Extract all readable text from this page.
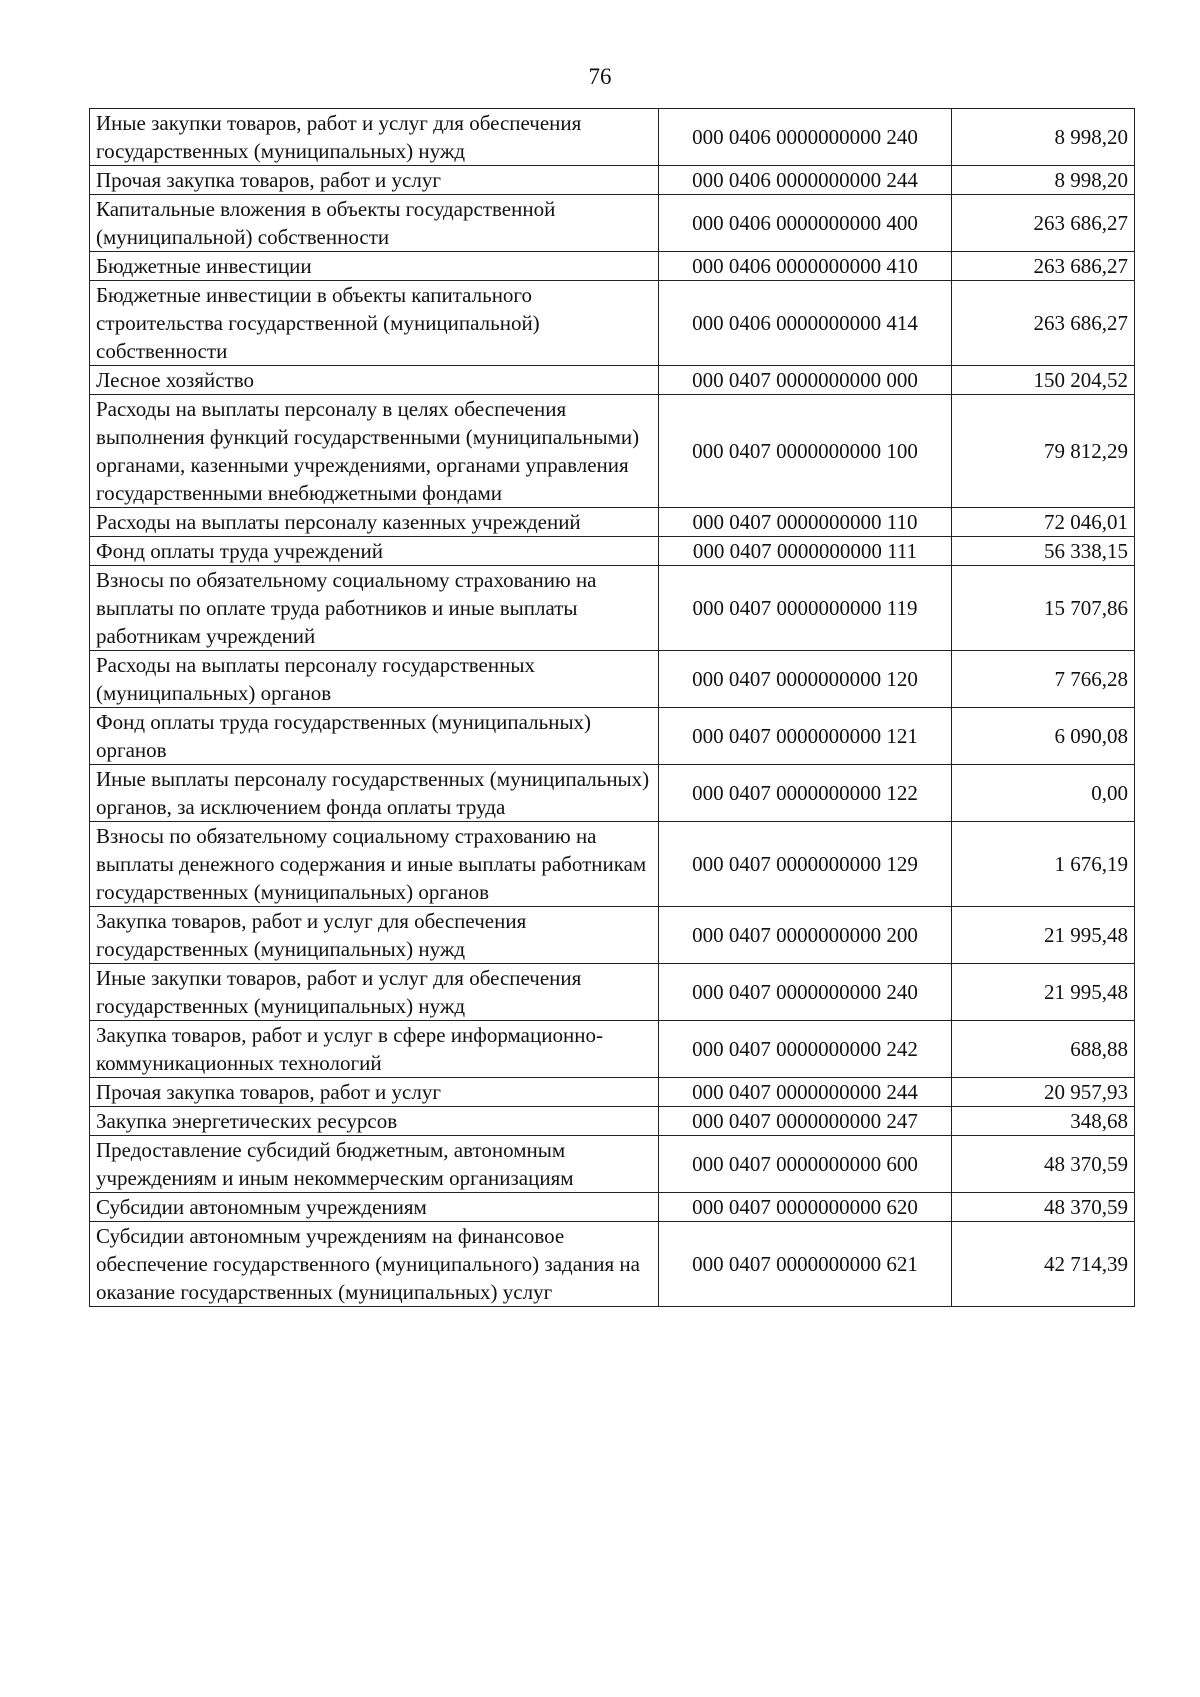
76
Иные закупки товаров, работ и услуг для обеспечения государственных (муниципальных) нужд	000 0406 0000000000 240	8 998,20
Прочая закупка товаров, работ и услуг	000 0406 0000000000 244	8 998,20
Капитальные вложения в объекты государственной (муниципальной) собственности	000 0406 0000000000 400	263 686,27
Бюджетные инвестиции	000 0406 0000000000 410	263 686,27
Бюджетные инвестиции в объекты капитального строительства государственной (муниципальной) собственности	000 0406 0000000000 414	263 686,27
Лесное хозяйство	000 0407 0000000000 000	150 204,52
Расходы на выплаты персоналу в целях обеспечения выполнения функций государственными (муниципальными) органами, казенными учреждениями, органами управления государственными внебюджетными фондами	000 0407 0000000000 100	79 812,29
Расходы на выплаты персоналу казенных учреждений	000 0407 0000000000 110	72 046,01
Фонд оплаты труда учреждений	000 0407 0000000000 111	56 338,15
Взносы по обязательному социальному страхованию на выплаты по оплате труда работников и иные выплаты работникам учреждений	000 0407 0000000000 119	15 707,86
Расходы на выплаты персоналу государственных (муниципальных) органов	000 0407 0000000000 120	7 766,28
Фонд оплаты труда государственных (муниципальных) органов	000 0407 0000000000 121	6 090,08
Иные выплаты персоналу государственных (муниципальных) органов, за исключением фонда оплаты труда	000 0407 0000000000 122	0,00
Взносы по обязательному социальному страхованию на выплаты денежного содержания и иные выплаты работникам государственных (муниципальных) органов	000 0407 0000000000 129	1 676,19
Закупка товаров, работ и услуг для обеспечения государственных (муниципальных) нужд	000 0407 0000000000 200	21 995,48
Иные закупки товаров, работ и услуг для обеспечения государственных (муниципальных) нужд	000 0407 0000000000 240	21 995,48
Закупка товаров, работ и услуг в сфере информационно-коммуникационных технологий	000 0407 0000000000 242	688,88
Прочая закупка товаров, работ и услуг	000 0407 0000000000 244	20 957,93
Закупка энергетических ресурсов	000 0407 0000000000 247	348,68
Предоставление субсидий бюджетным, автономным учреждениям и иным некоммерческим организациям	000 0407 0000000000 600	48 370,59
Субсидии автономным учреждениям	000 0407 0000000000 620	48 370,59
Субсидии автономным учреждениям на финансовое обеспечение государственного (муниципального) задания на оказание государственных (муниципальных) услуг	000 0407 0000000000 621	42 714,39
